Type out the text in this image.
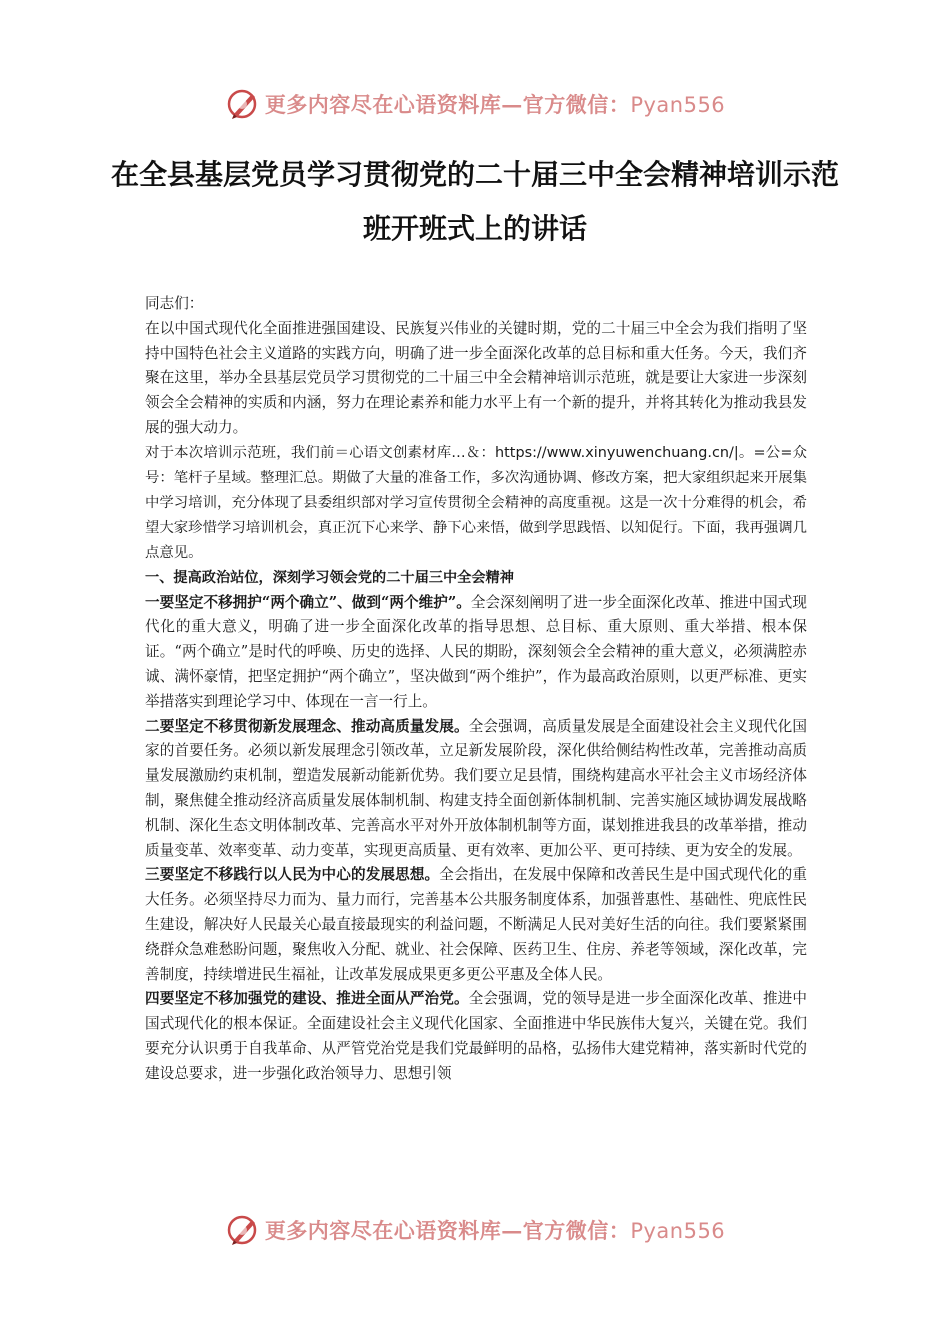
更多内容尽在心语资料库—官方微信：Pyan556
在全县基层党员学习贯彻党的二十届三中全会精神培训示范班开班式上的讲话

同志们：

在以中国式现代化全面推进强国建设、民族复兴伟业的关键时期，党的二十届三中全会为我们指明了坚持中国特色社会主义道路的实践方向，明确了进一步全面深化改革的总目标和重大任务。今天，我们齐聚在这里，举办全县基层党员学习贯彻党的二十届三中全会精神培训示范班，就是要让大家进一步深刻领会全会精神的实质和内涵，努力在理论素养和能力水平上有一个新的提升，并将其转化为推动我县发展的强大动力。

对于本次培训示范班，我们前＝心语文创素材库…＆：https://www.xinyuwenchuang.cn/|。=公=众号：笔杆子星域。整理汇总。期做了大量的准备工作，多次沟通协调、修改方案，把大家组织起来开展集中学习培训，充分体现了县委组织部对学习宣传贯彻全会精神的高度重视。这是一次十分难得的机会，希望大家珍惜学习培训机会，真正沉下心来学、静下心来悟，做到学思践悟、以知促行。下面，我再强调几点意见。

一、提高政治站位，深刻学习领会党的二十届三中全会精神

一要坚定不移拥护“两个确立”、做到“两个维护”。全会深刻阐明了进一步全面深化改革、推进中国式现代化的重大意义，明确了进一步全面深化改革的指导思想、总目标、重大原则、重大举措、根本保证。“两个确立”是时代的呼唤、历史的选择、人民的期盼，深刻领会全会精神的重大意义，必须满腔赤诚、满怀豪情，把坚定拥护“两个确立”，坚决做到“两个维护”，作为最高政治原则，以更严标准、更实举措落实到理论学习中、体现在一言一行上。

二要坚定不移贯彻新发展理念、推动高质量发展。全会强调，高质量发展是全面建设社会主义现代化国家的首要任务。必须以新发展理念引领改革，立足新发展阶段，深化供给侧结构性改革，完善推动高质量发展激励约束机制，塑造发展新动能新优势。我们要立足县情，围绕构建高水平社会主义市场经济体制，聚焦健全推动经济高质量发展体制机制、构建支持全面创新体制机制、完善实施区域协调发展战略机制、深化生态文明体制改革、完善高水平对外开放体制机制等方面，谋划推进我县的改革举措，推动质量变革、效率变革、动力变革，实现更高质量、更有效率、更加公平、更可持续、更为安全的发展。

三要坚定不移践行以人民为中心的发展思想。全会指出，在发展中保障和改善民生是中国式现代化的重大任务。必须坚持尽力而为、量力而行，完善基本公共服务制度体系，加强普惠性、基础性、兜底性民生建设，解决好人民最关心最直接最现实的利益问题，不断满足人民对美好生活的向往。我们要紧紧围绕群众急难愁盼问题，聚焦收入分配、就业、社会保障、医药卫生、住房、养老等领域，深化改革，完善制度，持续增进民生福祉，让改革发展成果更多更公平惠及全体人民。

四要坚定不移加强党的建设、推进全面从严治党。全会强调，党的领导是进一步全面深化改革、推进中国式现代化的根本保证。全面建设社会主义现代化国家、全面推进中华民族伟大复兴，关键在党。我们要充分认识勇于自我革命、从严管党治党是我们党最鲜明的品格，弘扬伟大建党精神，落实新时代党的建设总要求，进一步强化政治领导力、思想引领

更多内容尽在心语资料库—官方微信：Pyan556
